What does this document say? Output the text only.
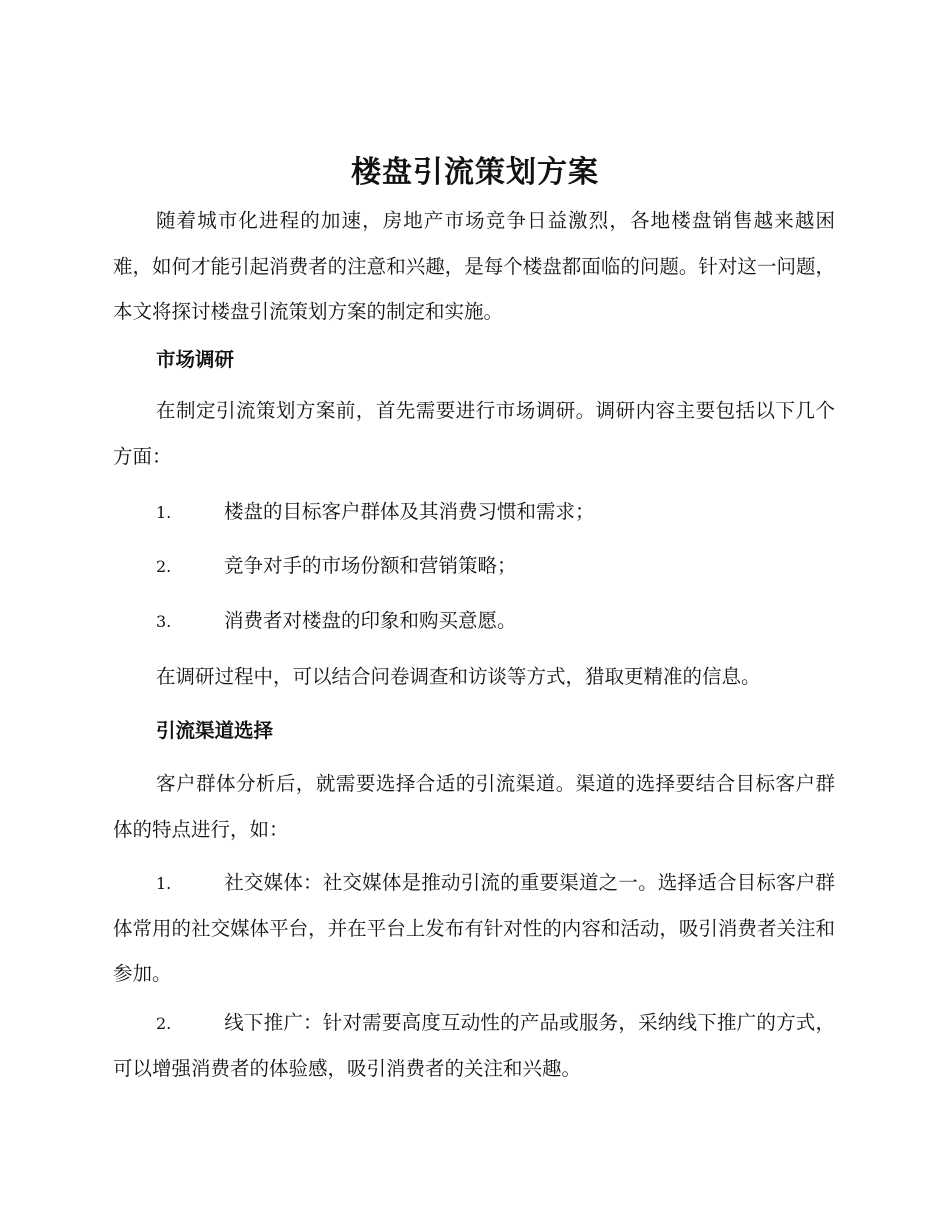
楼盘引流策划方案

随着城市化进程的加速，房地产市场竞争日益激烈，各地楼盘销售越来越困难，如何才能引起消费者的注意和兴趣，是每个楼盘都面临的问题。针对这一问题，本文将探讨楼盘引流策划方案的制定和实施。

市场调研

在制定引流策划方案前，首先需要进行市场调研。调研内容主要包括以下几个方面：

1.	楼盘的目标客户群体及其消费习惯和需求；
2.	竞争对手的市场份额和营销策略；
3.	消费者对楼盘的印象和购买意愿。

在调研过程中，可以结合问卷调查和访谈等方式，猎取更精准的信息。

引流渠道选择

客户群体分析后，就需要选择合适的引流渠道。渠道的选择要结合目标客户群体的特点进行，如：

1.	社交媒体：社交媒体是推动引流的重要渠道之一。选择适合目标客户群体常用的社交媒体平台，并在平台上发布有针对性的内容和活动，吸引消费者关注和参加。

2.	线下推广：针对需要高度互动性的产品或服务，采纳线下推广的方式，可以增强消费者的体验感，吸引消费者的关注和兴趣。
